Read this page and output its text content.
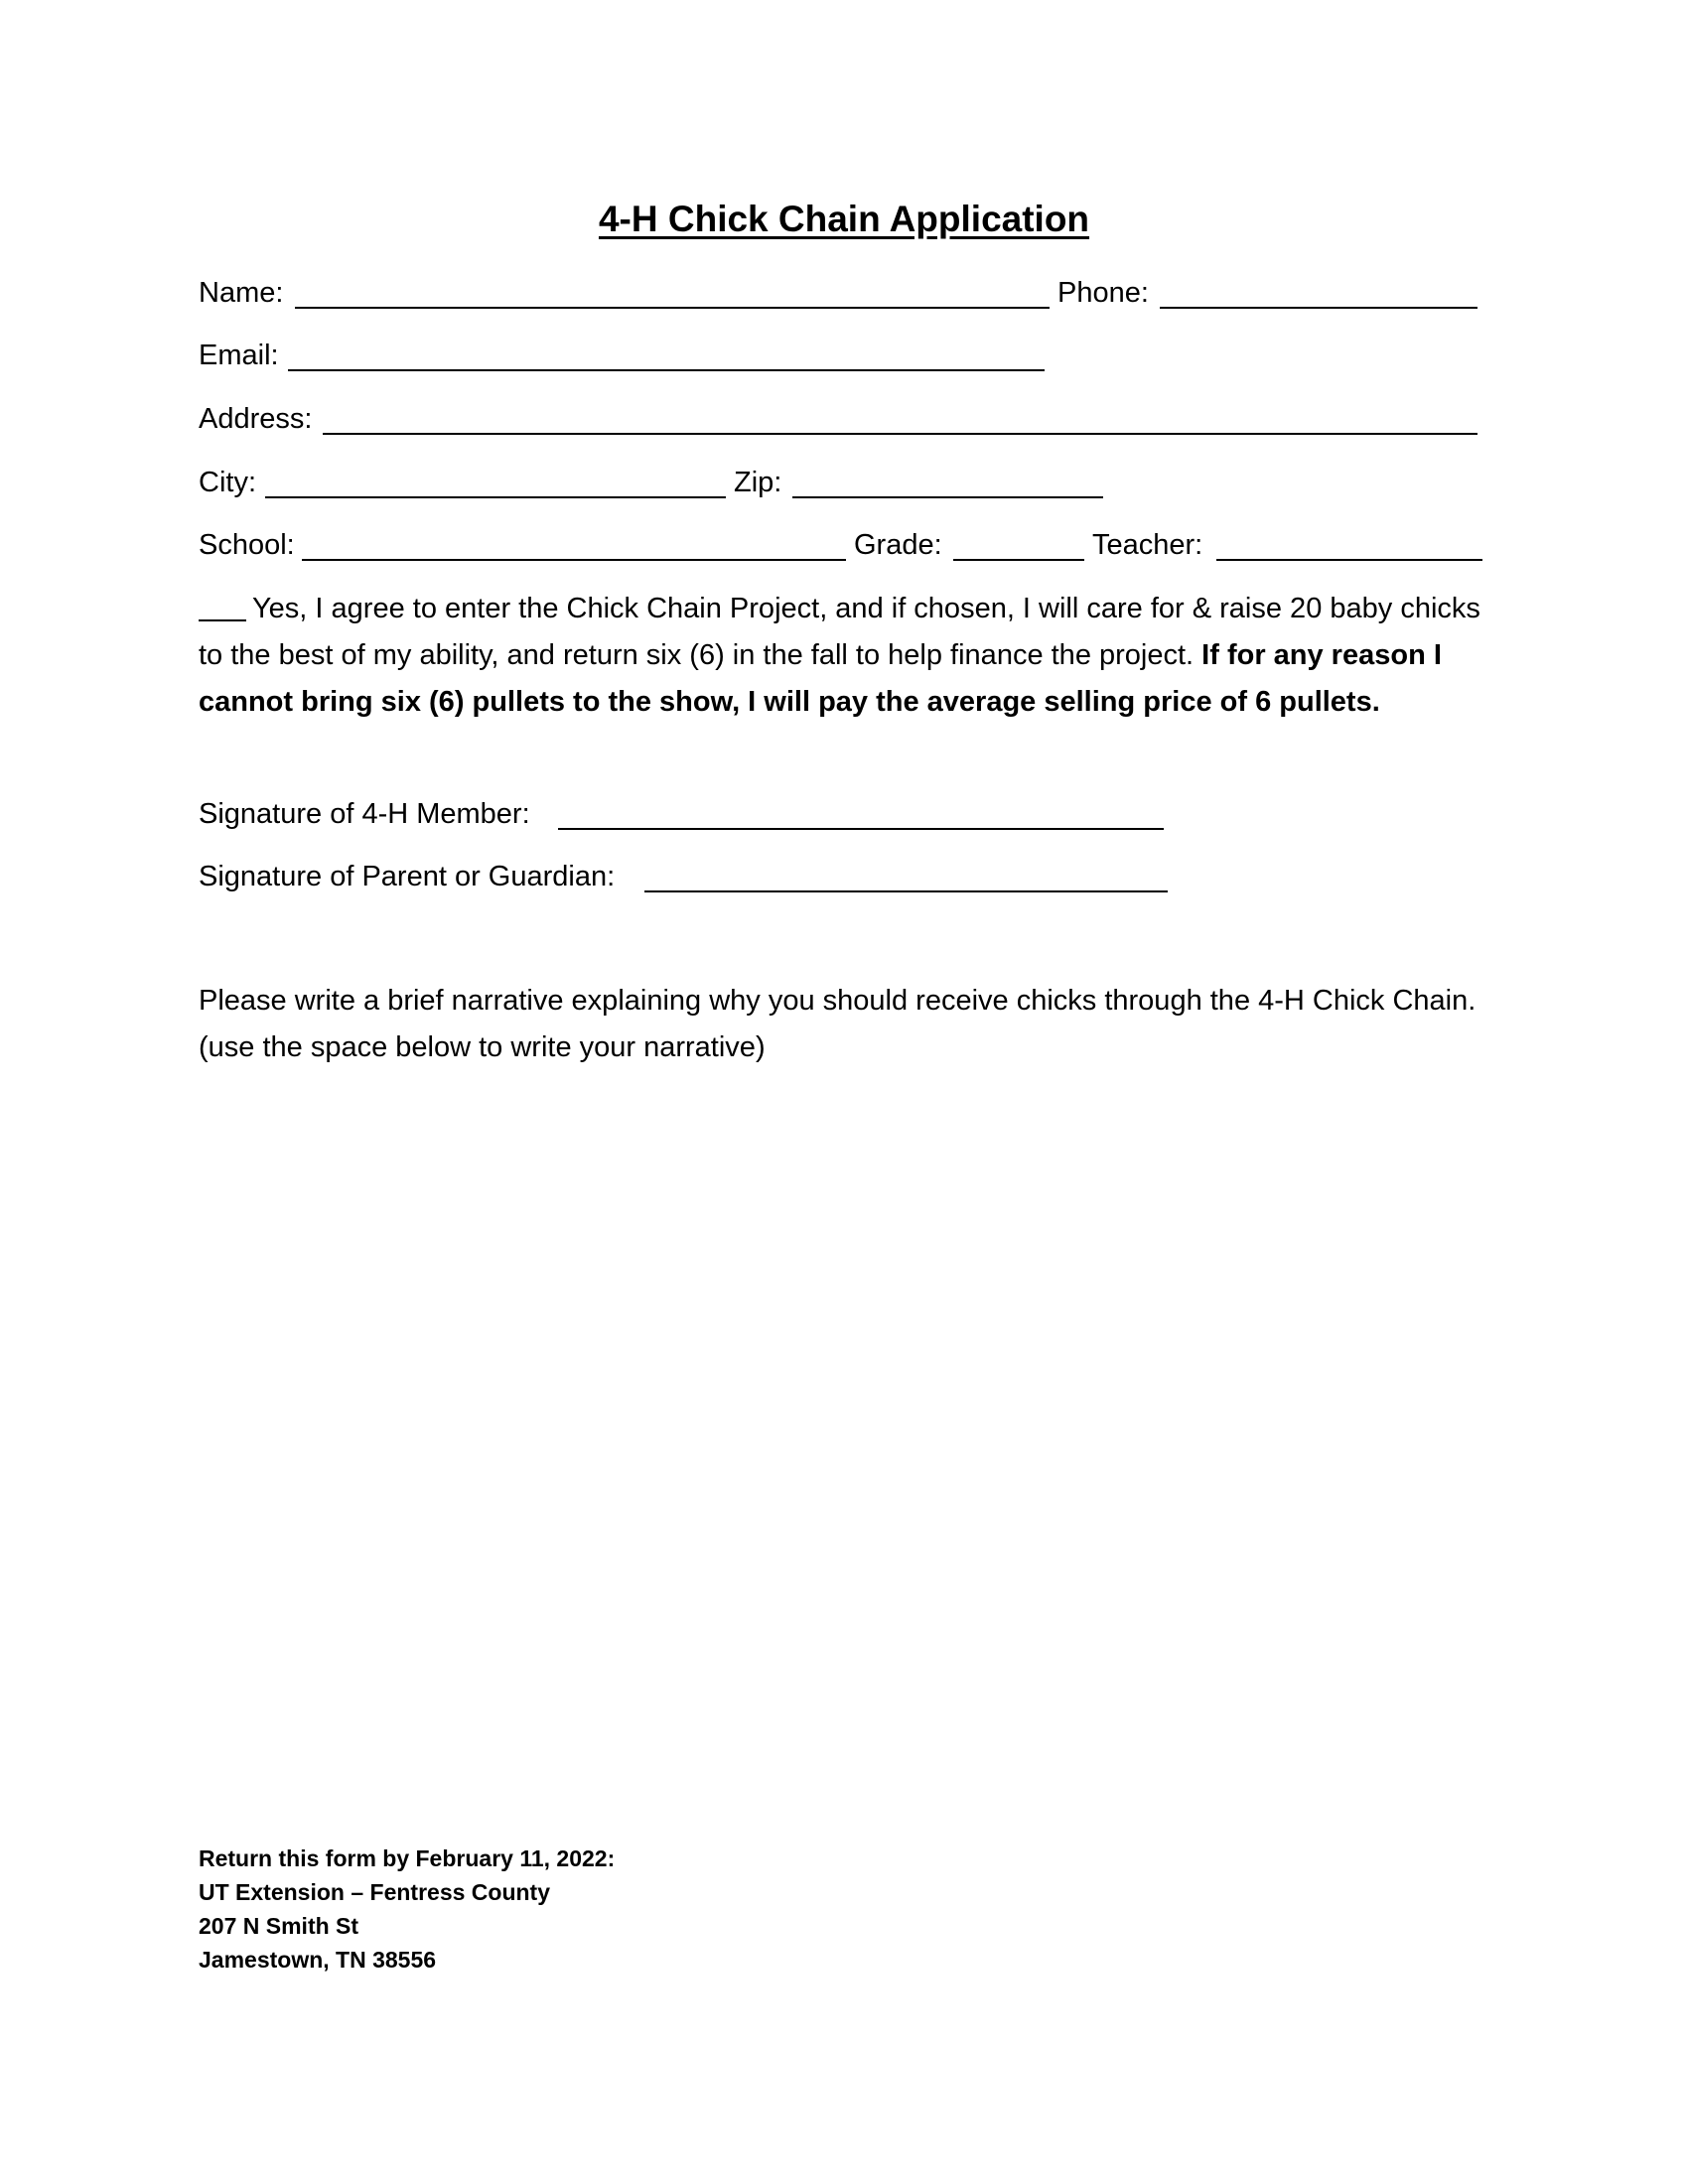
4-H Chick Chain Application
Name:	Phone:
Email:
Address:
City:	Zip:
School:	Grade:	Teacher:

Yes, I agree to enter the Chick Chain Project, and if chosen, I will care for & raise 20 baby chicks to the best of my ability, and return six (6) in the fall to help finance the project. If for any reason I cannot bring six (6) pullets to the show, I will pay the average selling price of 6 pullets.

Signature of 4-H Member:
Signature of Parent or Guardian:

Please write a brief narrative explaining why you should receive chicks through the 4-H Chick Chain. (use the space below to write your narrative)

Return this form by February 11, 2022:
UT Extension – Fentress County
207 N Smith St
Jamestown, TN 38556
